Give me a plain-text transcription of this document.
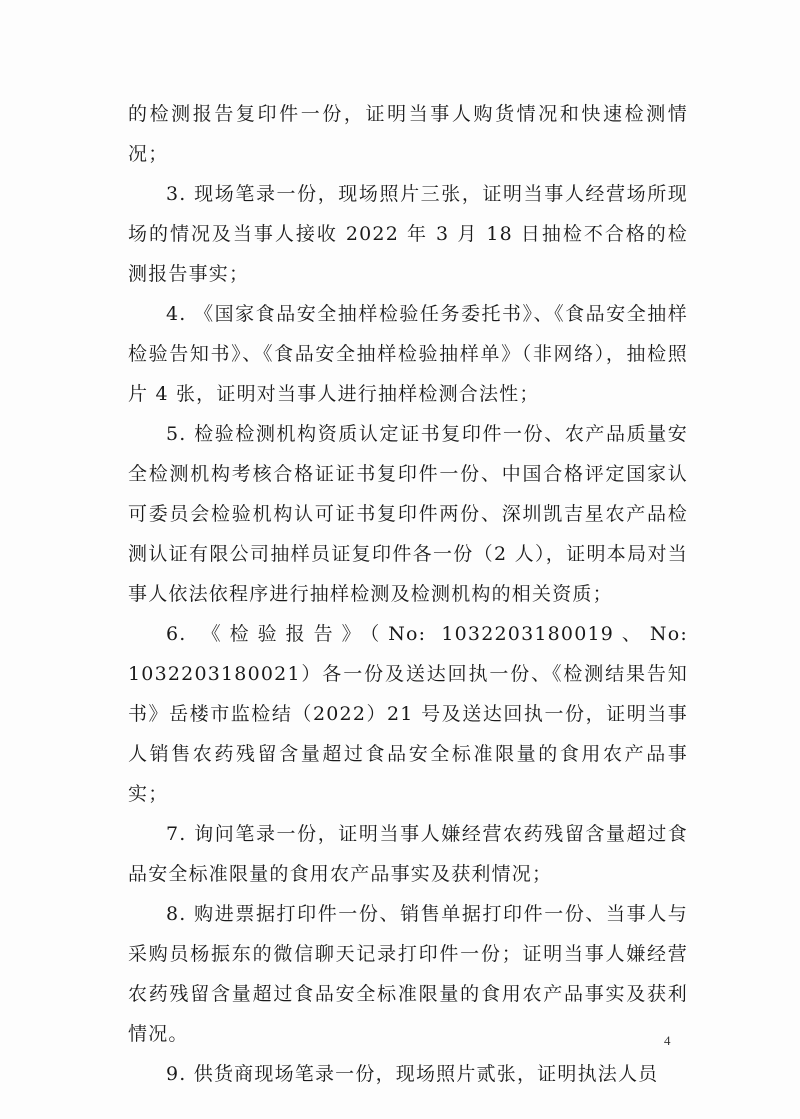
的检测报告复印件一份，证明当事人购货情况和快速检测情况；

3. 现场笔录一份，现场照片三张，证明当事人经营场所现场的情况及当事人接收 2022 年 3 月 18 日抽检不合格的检测报告事实；

4. 《国家食品安全抽样检验任务委托书》、《食品安全抽样检验告知书》、《食品安全抽样检验抽样单》（非网络），抽检照片 4 张，证明对当事人进行抽样检测合法性；

5. 检验检测机构资质认定证书复印件一份、农产品质量安全检测机构考核合格证证书复印件一份、中国合格评定国家认可委员会检验机构认可证书复印件两份、深圳凯吉星农产品检测认证有限公司抽样员证复印件各一份（2 人），证明本局对当事人依法依程序进行抽样检测及检测机构的相关资质；

6. 《检验报告》（No: 1032203180019、No: 1032203180021）各一份及送达回执一份、《检测结果告知书》岳楼市监检结（2022）21 号及送达回执一份，证明当事人销售农药残留含量超过食品安全标准限量的食用农产品事实；

7. 询问笔录一份，证明当事人嫌经营农药残留含量超过食品安全标准限量的食用农产品事实及获利情况；

8. 购进票据打印件一份、销售单据打印件一份、当事人与采购员杨振东的微信聊天记录打印件一份；证明当事人嫌经营农药残留含量超过食品安全标准限量的食用农产品事实及获利情况。

9. 供货商现场笔录一份，现场照片贰张，证明执法人员

4
